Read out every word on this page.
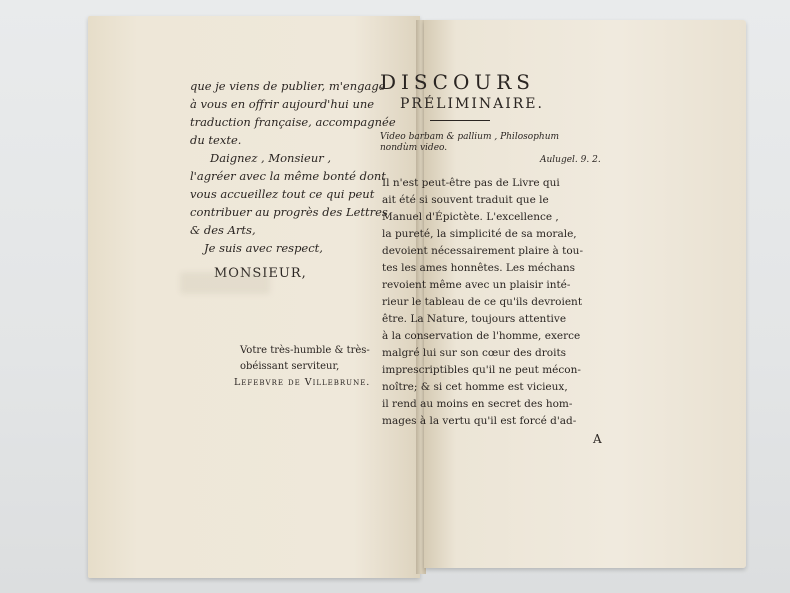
que je viens de publier, m'engage
à vous en offrir aujourd'hui une
traduction française, accompagnée
du texte.
Daignez , Monsieur ,
l'agréer avec la même bonté dont
vous accueillez tout ce qui peut
contribuer au progrès des Lettres
& des Arts,
Je suis avec respect,
MONSIEUR,
Votre très-humble & très-
obéissant serviteur,
Lefebvre de Villebrune.
DISCOURS
PRÉLIMINAIRE.
Video barbam & pallium , Philosophum
nondùm video.
Aulugel. 9. 2.
Il n'est peut-être pas de Livre qui
ait été si souvent traduit que le
Manuel d'Épictète. L'excellence ,
la pureté, la simplicité de sa morale,
devoient nécessairement plaire à tou-
tes les ames honnêtes. Les méchans
revoient même avec un plaisir inté-
rieur le tableau de ce qu'ils devroient
être. La Nature, toujours attentive
à la conservation de l'homme, exerce
malgré lui sur son cœur des droits
imprescriptibles qu'il ne peut mécon-
noître; & si cet homme est vicieux,
il rend au moins en secret des hom-
mages à la vertu qu'il est forcé d'ad-
A
